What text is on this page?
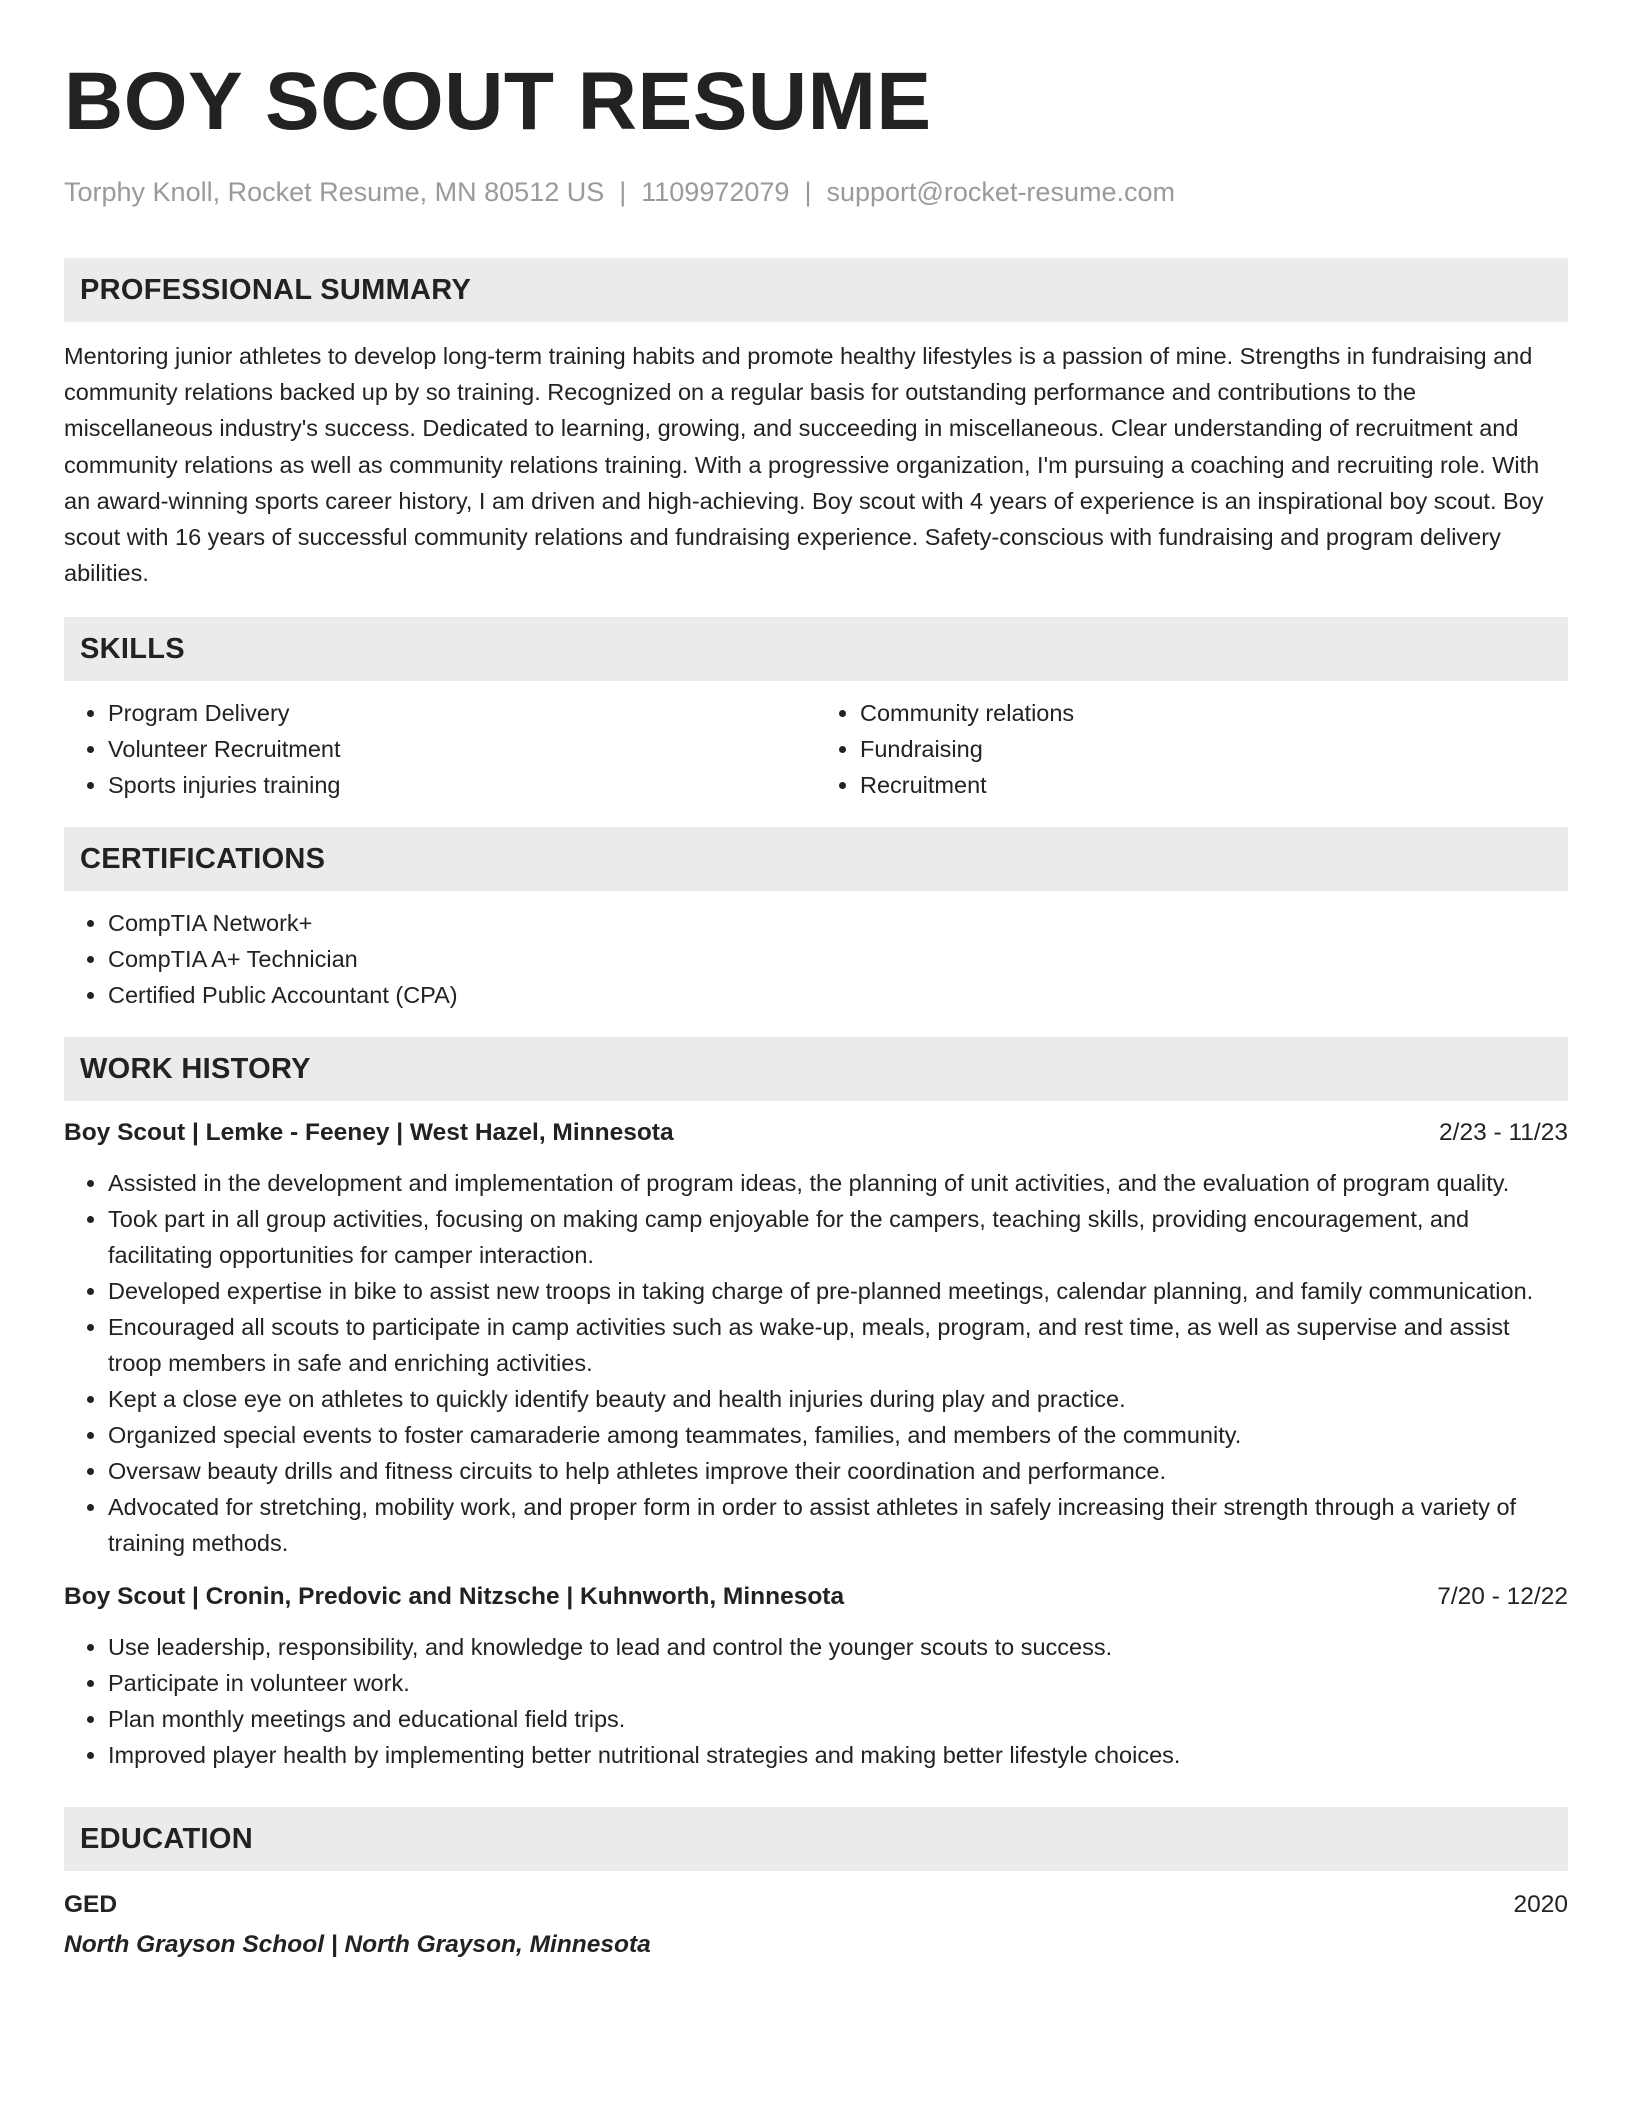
BOY SCOUT RESUME
Torphy Knoll, Rocket Resume, MN 80512 US | 1109972079 | support@rocket-resume.com
PROFESSIONAL SUMMARY

Mentoring junior athletes to develop long-term training habits and promote healthy lifestyles is a passion of mine. Strengths in fundraising and community relations backed up by so training. Recognized on a regular basis for outstanding performance and contributions to the miscellaneous industry's success. Dedicated to learning, growing, and succeeding in miscellaneous. Clear understanding of recruitment and community relations as well as community relations training. With a progressive organization, I'm pursuing a coaching and recruiting role. With an award-winning sports career history, I am driven and high-achieving. Boy scout with 4 years of experience is an inspirational boy scout. Boy scout with 16 years of successful community relations and fundraising experience. Safety-conscious with fundraising and program delivery abilities.

SKILLS
• Program Delivery
• Volunteer Recruitment
• Sports injuries training
• Community relations
• Fundraising
• Recruitment
CERTIFICATIONS
• CompTIA Network+
• CompTIA A+ Technician
• Certified Public Accountant (CPA)
WORK HISTORY
Boy Scout | Lemke - Feeney | West Hazel, Minnesota	2/23 - 11/23
• Assisted in the development and implementation of program ideas, the planning of unit activities, and the evaluation of program quality.
• Took part in all group activities, focusing on making camp enjoyable for the campers, teaching skills, providing encouragement, and facilitating opportunities for camper interaction.
• Developed expertise in bike to assist new troops in taking charge of pre-planned meetings, calendar planning, and family communication.
• Encouraged all scouts to participate in camp activities such as wake-up, meals, program, and rest time, as well as supervise and assist troop members in safe and enriching activities.
• Kept a close eye on athletes to quickly identify beauty and health injuries during play and practice.
• Organized special events to foster camaraderie among teammates, families, and members of the community.
• Oversaw beauty drills and fitness circuits to help athletes improve their coordination and performance.
• Advocated for stretching, mobility work, and proper form in order to assist athletes in safely increasing their strength through a variety of training methods.
Boy Scout | Cronin, Predovic and Nitzsche | Kuhnworth, Minnesota	7/20 - 12/22
• Use leadership, responsibility, and knowledge to lead and control the younger scouts to success.
• Participate in volunteer work.
• Plan monthly meetings and educational field trips.
• Improved player health by implementing better nutritional strategies and making better lifestyle choices.
EDUCATION
GED	2020
North Grayson School | North Grayson, Minnesota
